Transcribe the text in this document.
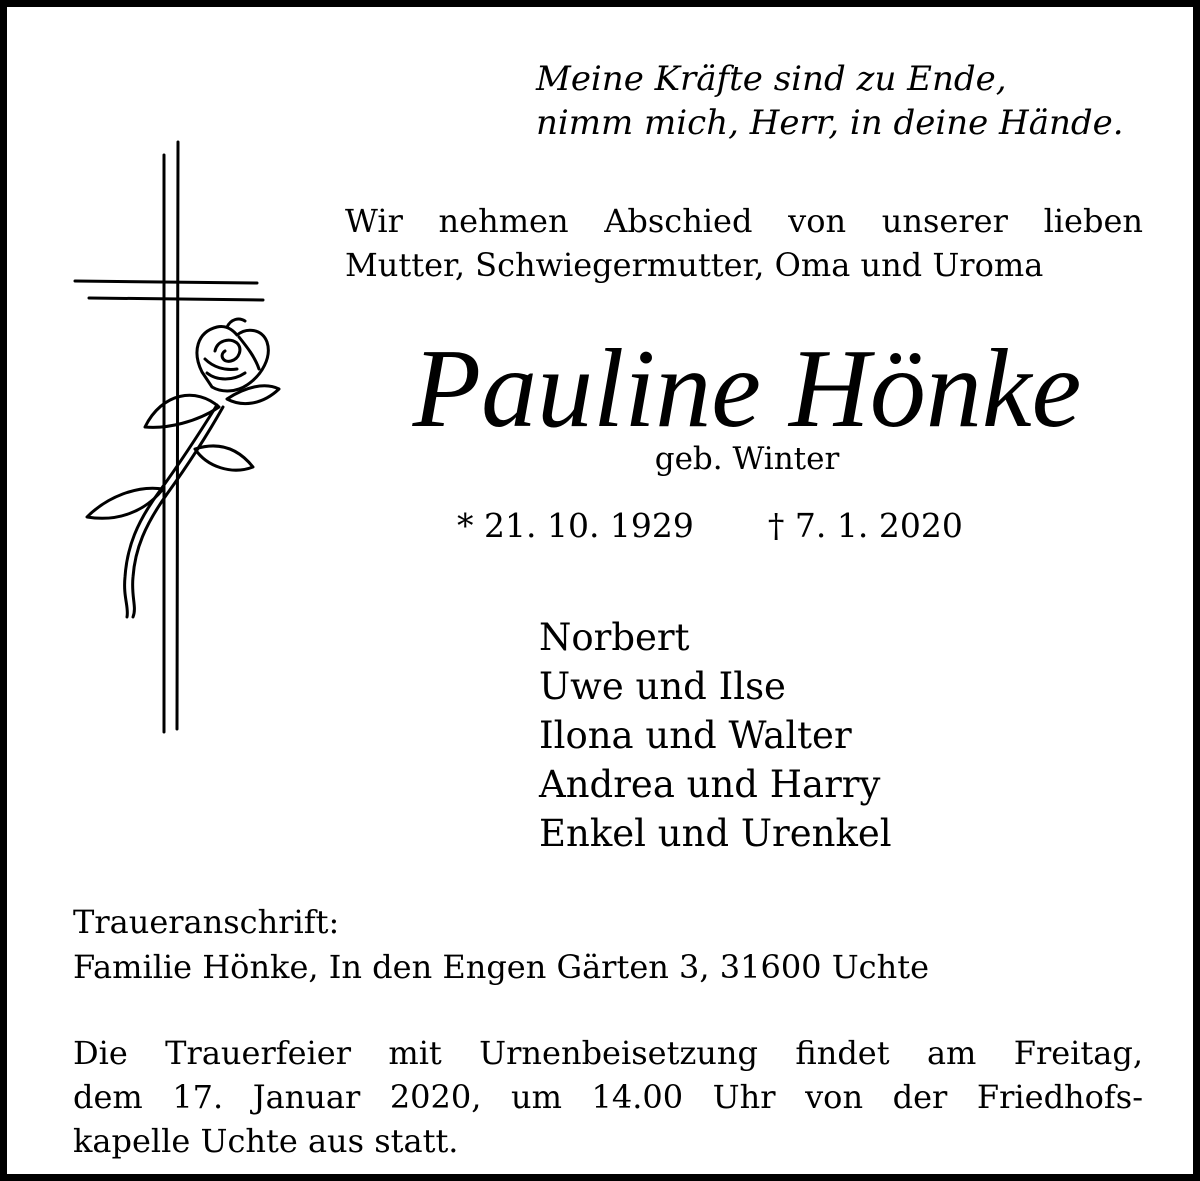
Meine Kräfte sind zu Ende,
nimm mich, Herr, in deine Hände.
Wir nehmen Abschied von unserer lieben
Mutter, Schwiegermutter, Oma und Uroma
Pauline Hönke
geb. Winter
* 21. 10. 1929 † 7. 1. 2020
Norbert
Uwe und Ilse
Ilona und Walter
Andrea und Harry
Enkel und Urenkel
Traueranschrift:
Familie Hönke, In den Engen Gärten 3, 31600 Uchte
Die Trauerfeier mit Urnenbeisetzung findet am Freitag,
dem 17. Januar 2020, um 14.00 Uhr von der Friedhofs-
kapelle Uchte aus statt.
